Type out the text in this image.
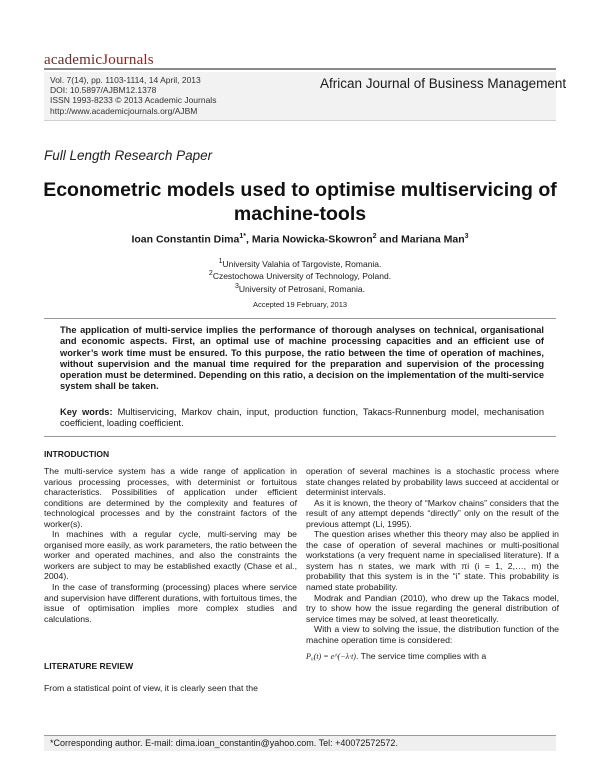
academicJournals
Vol. 7(14), pp. 1103-1114, 14 April, 2013
DOI: 10.5897/AJBM12.1378
ISSN 1993-8233 © 2013 Academic Journals
http://www.academicjournals.org/AJBM
African Journal of Business Management
Full Length Research Paper
Econometric models used to optimise multiservicing of machine-tools
Ioan Constantin Dima$^{1*}$, Maria Nowicka-Skowron$^2$ and Mariana Man$^3$
$^1$University Valahia of Targoviste, Romania.
$^2$Czestochowa University of Technology, Poland.
$^3$University of Petrosani, Romania.
Accepted 19 February, 2013
The application of multi-service implies the performance of thorough analyses on technical, organisational and economic aspects. First, an optimal use of machine processing capacities and an efficient use of worker’s work time must be ensured. To this purpose, the ratio between the time of operation of machines, without supervision and the manual time required for the preparation and supervision of the processing operation must be determined. Depending on this ratio, a decision on the implementation of the multi-service system shall be taken.
Key words: Multiservicing, Markov chain, input, production function, Takacs-Runnenburg model, mechanisation coefficient, loading coefficient.
INTRODUCTION

The multi-service system has a wide range of application in various processing processes, with determinist or fortuitous characteristics. Possibilities of application under efficient conditions are determined by the complexity and features of technological processes and by the constraint factors of the worker(s).

In machines with a regular cycle, multi-serving may be organised more easily, as work parameters, the ratio between the worker and operated machines, and also the constraints the workers are subject to may be established exactly (Chase et al., 2004).

In the case of transforming (processing) places where service and supervision have different durations, with fortuitous times, the issue of optimisation implies more complex studies and calculations.

LITERATURE REVIEW
From a statistical point of view, it is clearly seen that the

operation of several machines is a stochastic process where state changes related by probability laws succeed at accidental or determinist intervals.

As it is known, the theory of “Markov chains” considers that the result of any attempt depends “directly” only on the result of the previous attempt (Li, 1995).

The question arises whether this theory may also be applied in the case of operation of several machines or multi-positional workstations (a very frequent name in specialised literature). If a system has n states, we mark with πi (i = 1, 2,…, m) the probability that this system is in the “i” state. This probability is named state probability.

Modrak and Pandian (2010), who drew up the Takacs model, try to show how the issue regarding the general distribution of service times may be solved, at least theoretically.

With a view to solving the issue, the distribution function of the machine operation time is considered:

P₀(t) = e^(−λ·t). The service time complies with a

*Corresponding author. E-mail: dima.ioan_constantin@yahoo.com. Tel: +40072572572.
